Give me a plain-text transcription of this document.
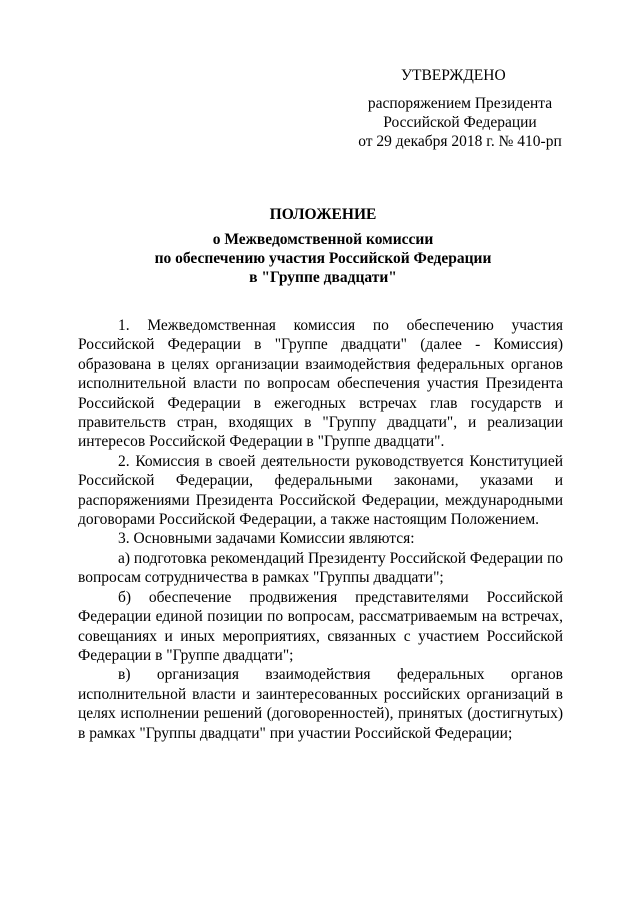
УТВЕРЖДЕНО
распоряжением Президента
Российской Федерации
от 29 декабря 2018 г. № 410-рп
ПОЛОЖЕНИЕ
о Межведомственной комиссии
по обеспечению участия Российской Федерации
в "Группе двадцати"

1. Межведомственная комиссия по обеспечению участия Российской Федерации в "Группе двадцати" (далее - Комиссия) образована в целях организации взаимодействия федеральных органов исполнительной власти по вопросам обеспечения участия Президента Российской Федерации в ежегодных встречах глав государств и правительств стран, входящих в "Группу двадцати", и реализации интересов Российской Федерации в "Группе двадцати".

2. Комиссия в своей деятельности руководствуется Конституцией Российской Федерации, федеральными законами, указами и распоряжениями Президента Российской Федерации, международными договорами Российской Федерации, а также настоящим Положением.

3. Основными задачами Комиссии являются:

а) подготовка рекомендаций Президенту Российской Федерации по вопросам сотрудничества в рамках "Группы двадцати";

б) обеспечение продвижения представителями Российской Федерации единой позиции по вопросам, рассматриваемым на встречах, совещаниях и иных мероприятиях, связанных с участием Российской Федерации в "Группе двадцати";

в) организация взаимодействия федеральных органов исполнительной власти и заинтересованных российских организаций в целях исполнении решений (договоренностей), принятых (достигнутых) в рамках "Группы двадцати" при участии Российской Федерации;
